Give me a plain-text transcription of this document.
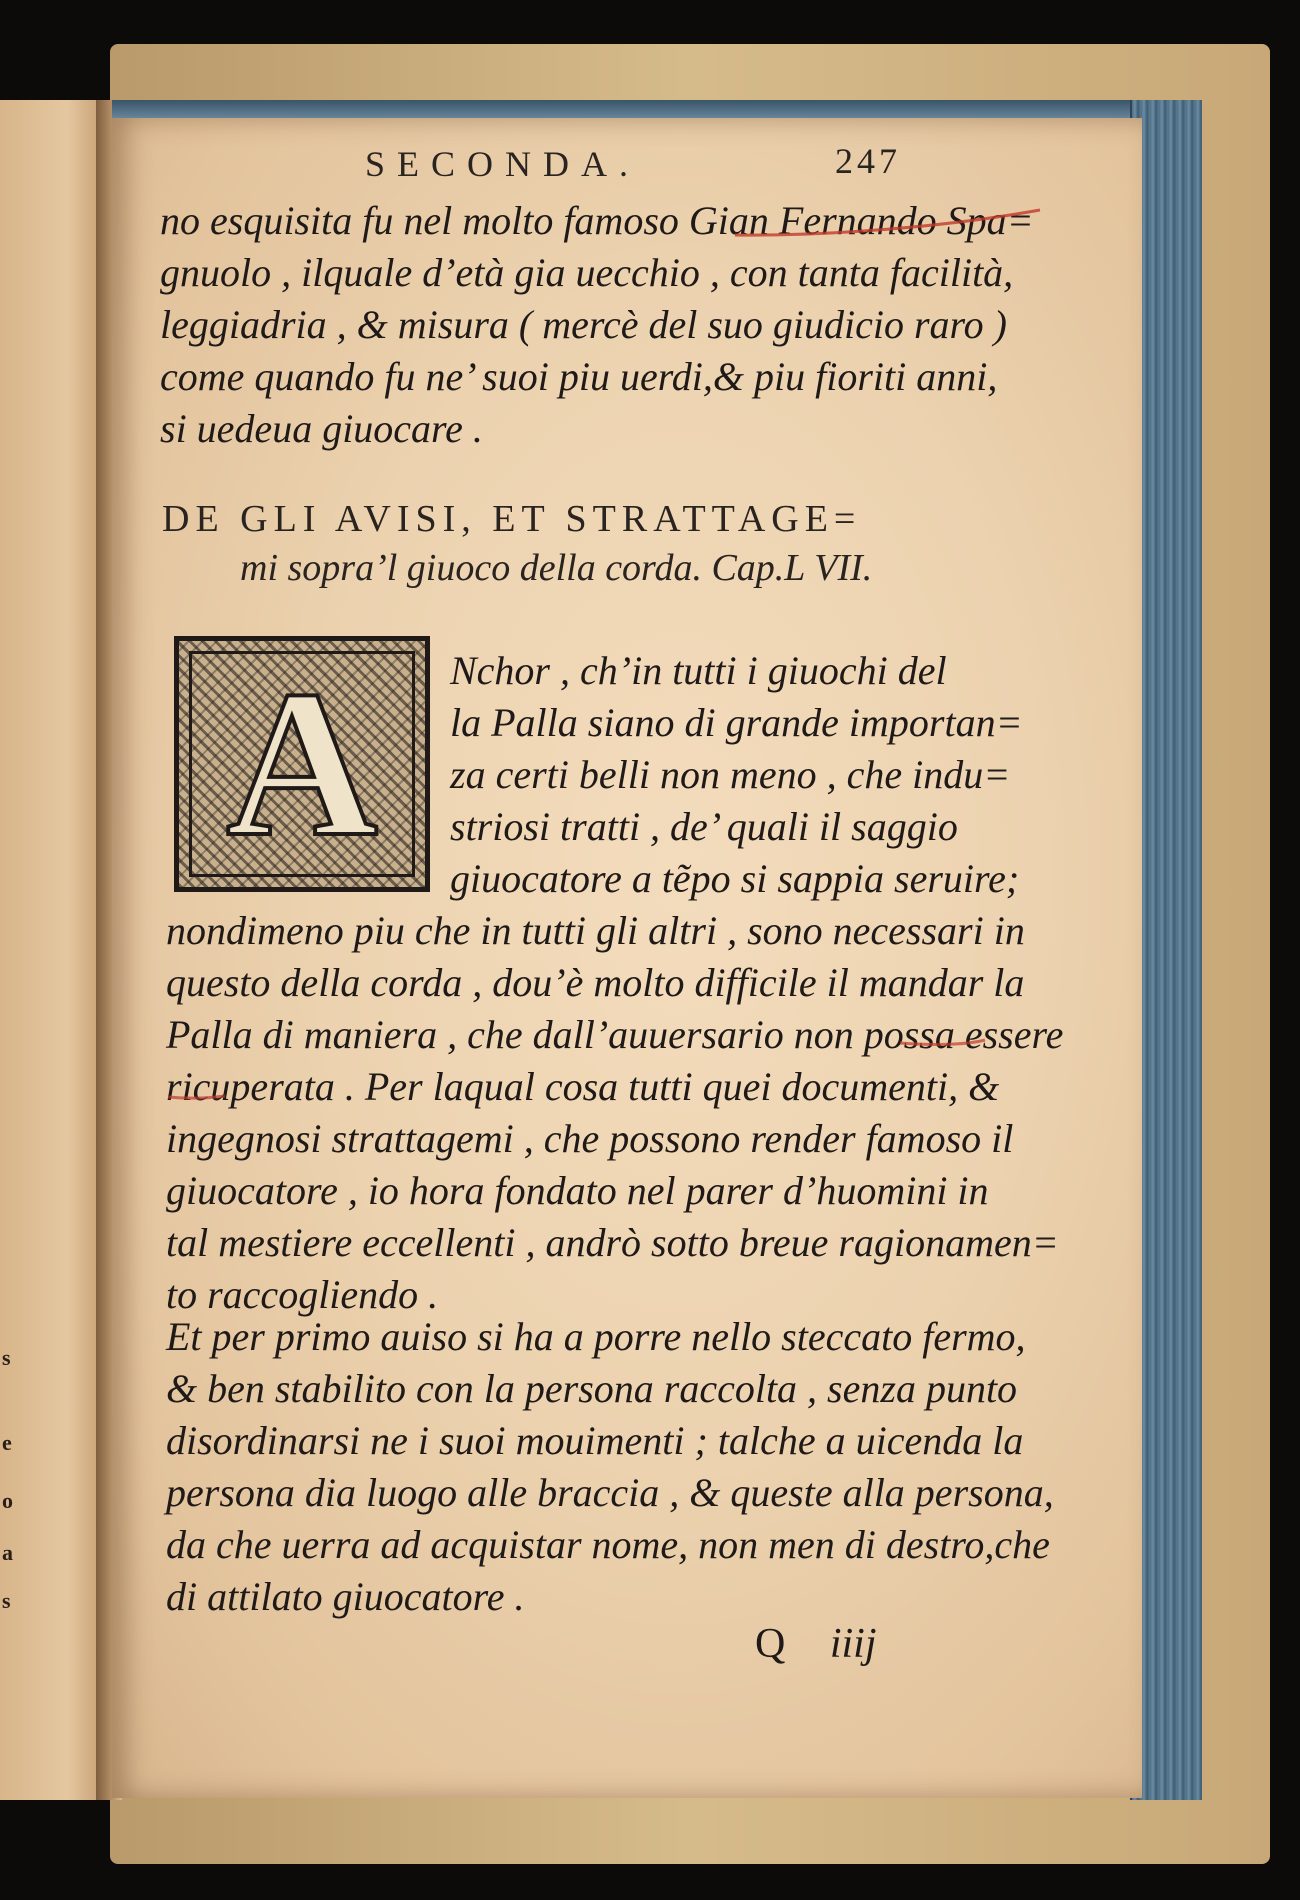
s
e
o
a
s
SECONDA.	247
no esquisita fu nel molto famoso Gian Fernando Spa=
gnuolo , ilquale d’età gia uecchio , con tanta facilità,
leggiadria , & misura ( mercè del suo giudicio raro )
come quando fu ne’ suoi piu uerdi,& piu fioriti anni,
si uedeua giuocare .
DE GLI AVISI, ET STRATTAGE=
mi sopra’l giuoco della corda. Cap.L VII.
A	Nchor , ch’in tutti i giuochi del
la Palla siano di grande importan=
za certi belli non meno , che indu=
striosi tratti , de’ quali il saggio
giuocatore a tẽpo si sappia seruire;
nondimeno piu che in tutti gli altri , sono necessari in
questo della corda , dou’è molto difficile il mandar la
Palla di maniera , che dall’auuersario non possa essere
ricuperata . Per laqual cosa tutti quei documenti, &
ingegnosi strattagemi , che possono render famoso il
giuocatore , io hora fondato nel parer d’huomini in
tal mestiere eccellenti , andrò sotto breue ragionamen=
to raccogliendo .
Et per primo auiso si ha a porre nello steccato fermo,
& ben stabilito con la persona raccolta , senza punto
disordinarsi ne i suoi mouimenti ; talche a uicenda la
persona dia luogo alle braccia , & queste alla persona,
da che uerra ad acquistar nome, non men di destro,che
di attilato giuocatore .
Q iiij
